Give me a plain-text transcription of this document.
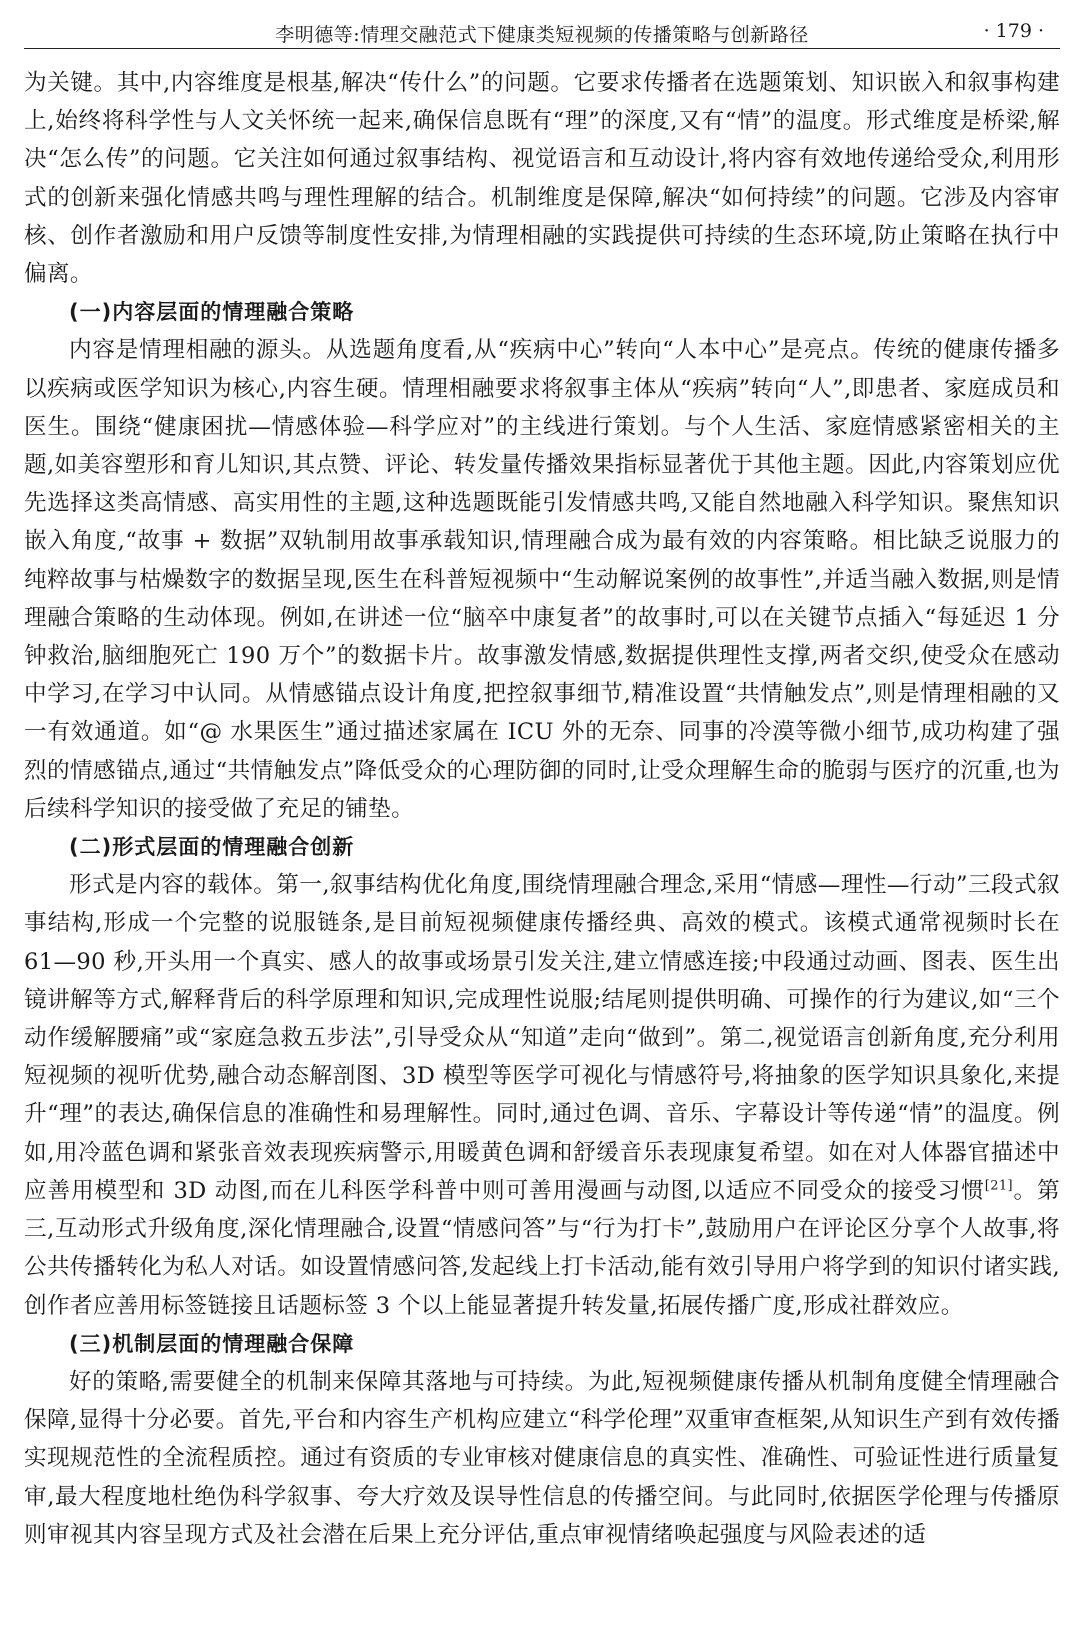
李明德等:情理交融范式下健康类短视频的传播策略与创新路径	· 179 ·

为关键。其中,内容维度是根基,解决“传什么”的问题。它要求传播者在选题策划、知识嵌入和叙事构建上,始终将科学性与人文关怀统一起来,确保信息既有“理”的深度,又有“情”的温度。形式维度是桥梁,解决“怎么传”的问题。它关注如何通过叙事结构、视觉语言和互动设计,将内容有效地传递给受众,利用形式的创新来强化情感共鸣与理性理解的结合。机制维度是保障,解决“如何持续”的问题。它涉及内容审核、创作者激励和用户反馈等制度性安排,为情理相融的实践提供可持续的生态环境,防止策略在执行中偏离。

(一)内容层面的情理融合策略

内容是情理相融的源头。从选题角度看,从“疾病中心”转向“人本中心”是亮点。传统的健康传播多以疾病或医学知识为核心,内容生硬。情理相融要求将叙事主体从“疾病”转向“人”,即患者、家庭成员和医生。围绕“健康困扰—情感体验—科学应对”的主线进行策划。与个人生活、家庭情感紧密相关的主题,如美容塑形和育儿知识,其点赞、评论、转发量传播效果指标显著优于其他主题。因此,内容策划应优先选择这类高情感、高实用性的主题,这种选题既能引发情感共鸣,又能自然地融入科学知识。聚焦知识嵌入角度,“故事 + 数据”双轨制用故事承载知识,情理融合成为最有效的内容策略。相比缺乏说服力的纯粹故事与枯燥数字的数据呈现,医生在科普短视频中“生动解说案例的故事性”,并适当融入数据,则是情理融合策略的生动体现。例如,在讲述一位“脑卒中康复者”的故事时,可以在关键节点插入“每延迟 1 分钟救治,脑细胞死亡 190 万个”的数据卡片。故事激发情感,数据提供理性支撑,两者交织,使受众在感动中学习,在学习中认同。从情感锚点设计角度,把控叙事细节,精准设置“共情触发点”,则是情理相融的又一有效通道。如“@ 水果医生”通过描述家属在 ICU 外的无奈、同事的冷漠等微小细节,成功构建了强烈的情感锚点,通过“共情触发点”降低受众的心理防御的同时,让受众理解生命的脆弱与医疗的沉重,也为后续科学知识的接受做了充足的铺垫。

(二)形式层面的情理融合创新

形式是内容的载体。第一,叙事结构优化角度,围绕情理融合理念,采用“情感—理性—行动”三段式叙事结构,形成一个完整的说服链条,是目前短视频健康传播经典、高效的模式。该模式通常视频时长在 61—90 秒,开头用一个真实、感人的故事或场景引发关注,建立情感连接;中段通过动画、图表、医生出镜讲解等方式,解释背后的科学原理和知识,完成理性说服;结尾则提供明确、可操作的行为建议,如“三个动作缓解腰痛”或“家庭急救五步法”,引导受众从“知道”走向“做到”。第二,视觉语言创新角度,充分利用短视频的视听优势,融合动态解剖图、3D 模型等医学可视化与情感符号,将抽象的医学知识具象化,来提升“理”的表达,确保信息的准确性和易理解性。同时,通过色调、音乐、字幕设计等传递“情”的温度。例如,用冷蓝色调和紧张音效表现疾病警示,用暖黄色调和舒缓音乐表现康复希望。如在对人体器官描述中应善用模型和 3D 动图,而在儿科医学科普中则可善用漫画与动图,以适应不同受众的接受习惯[21]。第三,互动形式升级角度,深化情理融合,设置“情感问答”与“行为打卡”,鼓励用户在评论区分享个人故事,将公共传播转化为私人对话。如设置情感问答,发起线上打卡活动,能有效引导用户将学到的知识付诸实践,创作者应善用标签链接且话题标签 3 个以上能显著提升转发量,拓展传播广度,形成社群效应。

(三)机制层面的情理融合保障

好的策略,需要健全的机制来保障其落地与可持续。为此,短视频健康传播从机制角度健全情理融合保障,显得十分必要。首先,平台和内容生产机构应建立“科学伦理”双重审查框架,从知识生产到有效传播实现规范性的全流程质控。通过有资质的专业审核对健康信息的真实性、准确性、可验证性进行质量复审,最大程度地杜绝伪科学叙事、夸大疗效及误导性信息的传播空间。与此同时,依据医学伦理与传播原则审视其内容呈现方式及社会潜在后果上充分评估,重点审视情绪唤起强度与风险表述的适
